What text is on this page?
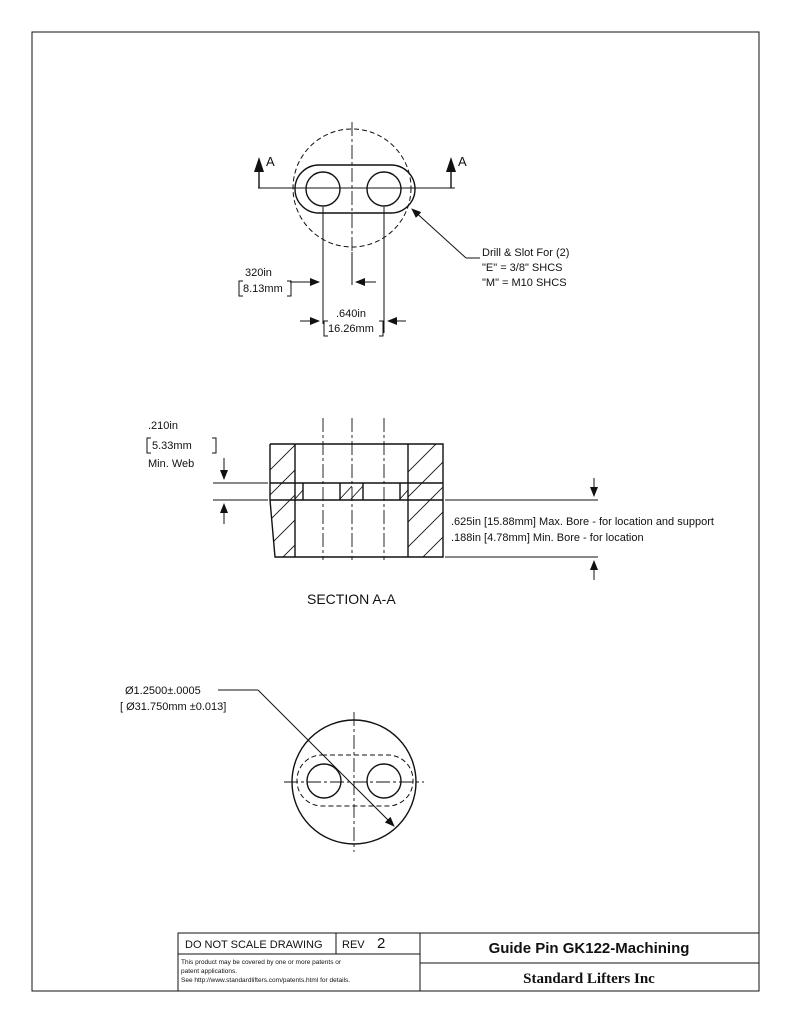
A	A
Drill & Slot For (2)
"E" = 3/8" SHCS
"M" = M10 SHCS
320in
8.13mm
.640in
16.26mm
.210in
5.33mm
Min. Web
.625in [15.88mm] Max. Bore - for location and support
.188in [4.78mm] Min. Bore - for location
SECTION A-A
Ø1.2500±.0005
[ Ø31.750mm ±0.013]
DO NOT SCALE DRAWING REV 2
This product may be covered by one or more patents or
patent applications.
See http://www.standardlifters.com/patents.html for details.
Guide Pin GK122-Machining
Standard Lifters Inc
